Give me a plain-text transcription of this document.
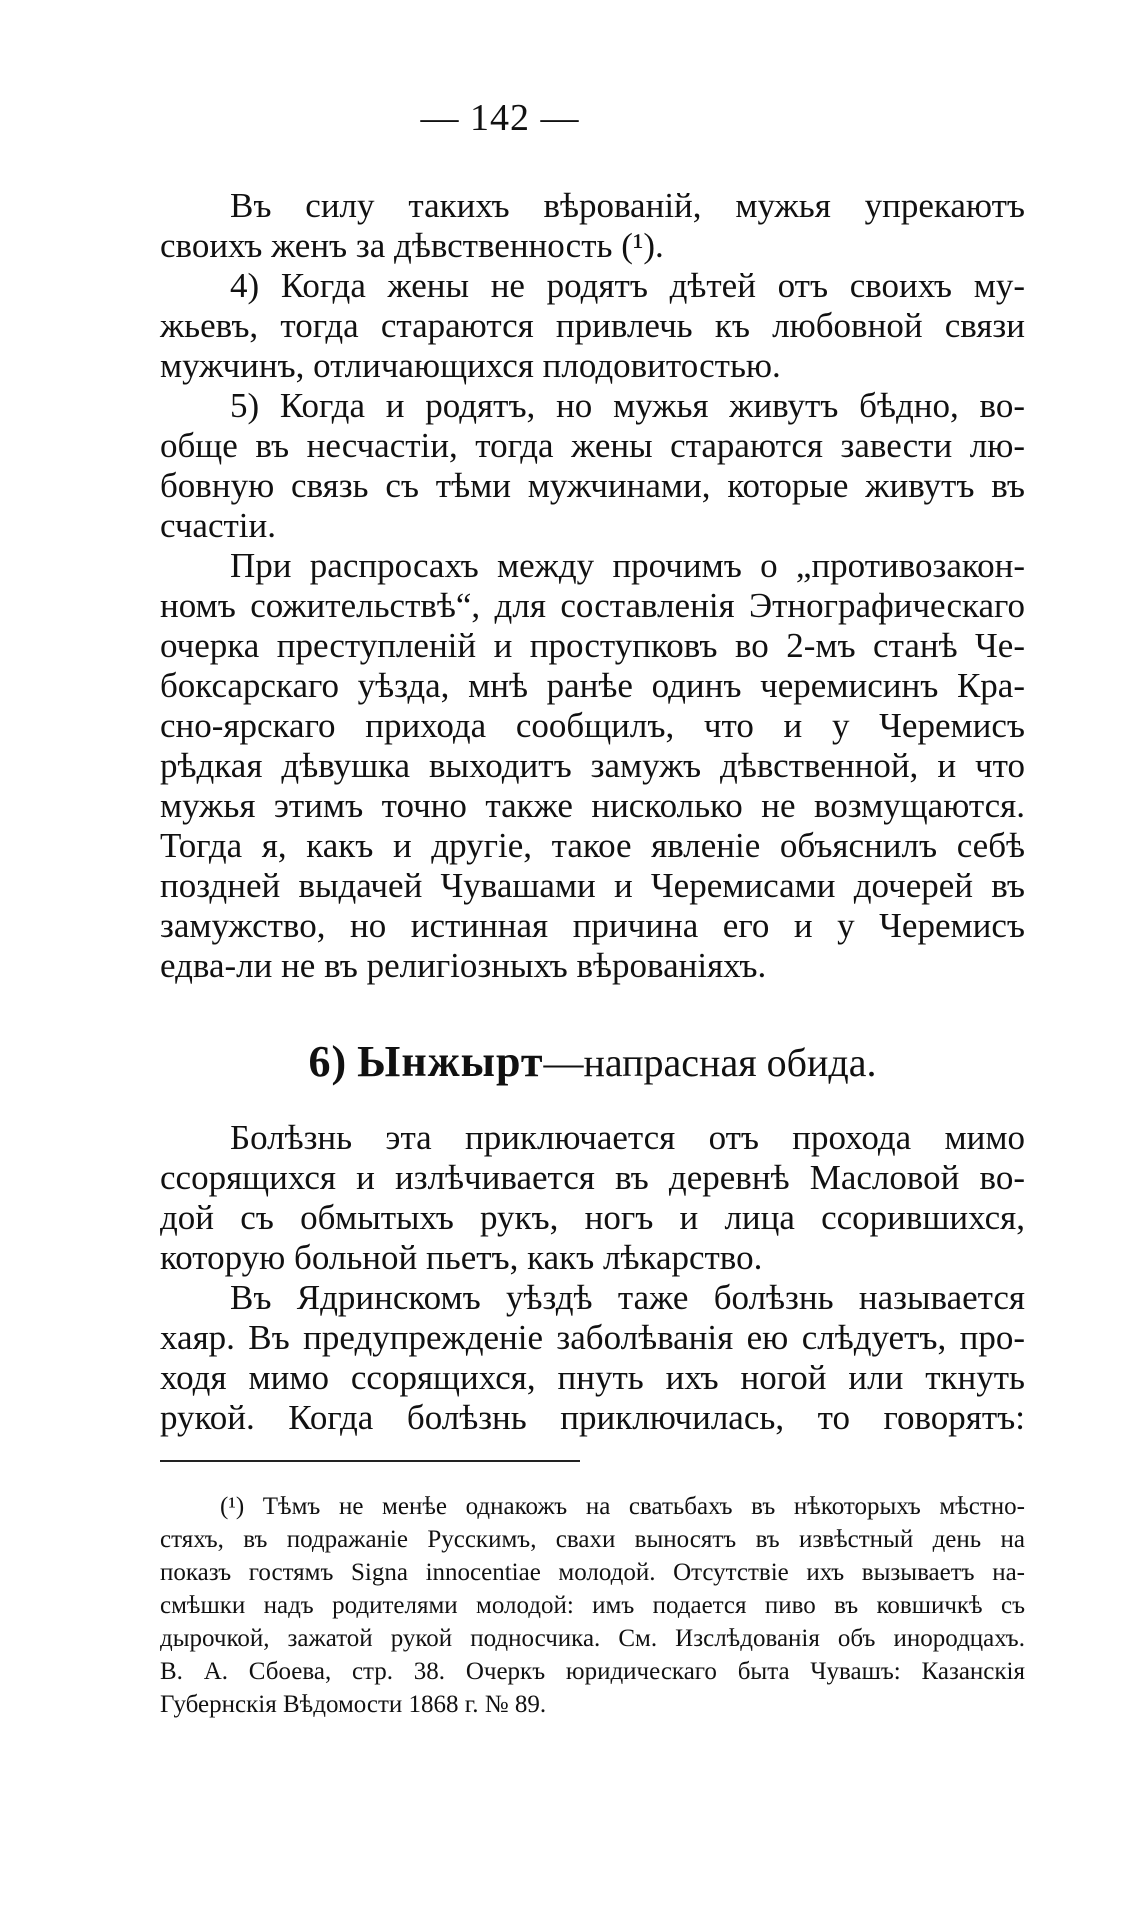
— 142 —
Въ силу такихъ вѣрованій, мужья упрекаютъ
своихъ женъ за дѣвственность (¹).
4) Когда жены не родятъ дѣтей отъ своихъ му-
жьевъ, тогда стараются привлечь къ любовной связи
мужчинъ, отличающихся плодовитостью.
5) Когда и родятъ, но мужья живутъ бѣдно, во-
обще въ несчастіи, тогда жены стараются завести лю-
бовную связь съ тѣми мужчинами, которые живутъ въ
счастіи.
При распросахъ между прочимъ о „противозакон-
номъ сожительствѣ“, для составленія Этнографическаго
очерка преступленій и проступковъ во 2-мъ станѣ Че-
боксарскаго уѣзда, мнѣ ранѣе одинъ черемисинъ Кра-
сно-ярскаго прихода сообщилъ, что и у Черемисъ
рѣдкая дѣвушка выходитъ замужъ дѣвственной, и что
мужья этимъ точно также нисколько не возмущаются.
Тогда я, какъ и другіе, такое явленіе объяснилъ себѣ
поздней выдачей Чувашами и Черемисами дочерей въ
замужство, но истинная причина его и у Черемисъ
едва-ли не въ религіозныхъ вѣрованіяхъ.
6) Ынжырт—напрасная обида.
Болѣзнь эта приключается отъ прохода мимо
ссорящихся и излѣчивается въ деревнѣ Масловой во-
дой съ обмытыхъ рукъ, ногъ и лица ссорившихся,
которую больной пьетъ, какъ лѣкарство.
Въ Ядринскомъ уѣздѣ таже болѣзнь называется
хаяр. Въ предупрежденіе заболѣванія ею слѣдуетъ, про-
ходя мимо ссорящихся, пнуть ихъ ногой или ткнуть
рукой. Когда болѣзнь приключилась, то говорятъ:
(¹) Тѣмъ не менѣе однакожъ на сватьбахъ въ нѣкоторыхъ мѣстно-
стяхъ, въ подражаніе Русскимъ, свахи выносятъ въ извѣстный день на
показъ гостямъ Signa innocentiae молодой. Отсутствіе ихъ вызываетъ на-
смѣшки надъ родителями молодой: имъ подается пиво въ ковшичкѣ съ
дырочкой, зажатой рукой подносчика. См. Изслѣдованія объ инородцахъ.
В. А. Сбоева, стр. 38. Очеркъ юридическаго быта Чувашъ: Казанскія
Губернскія Вѣдомости 1868 г. № 89.
